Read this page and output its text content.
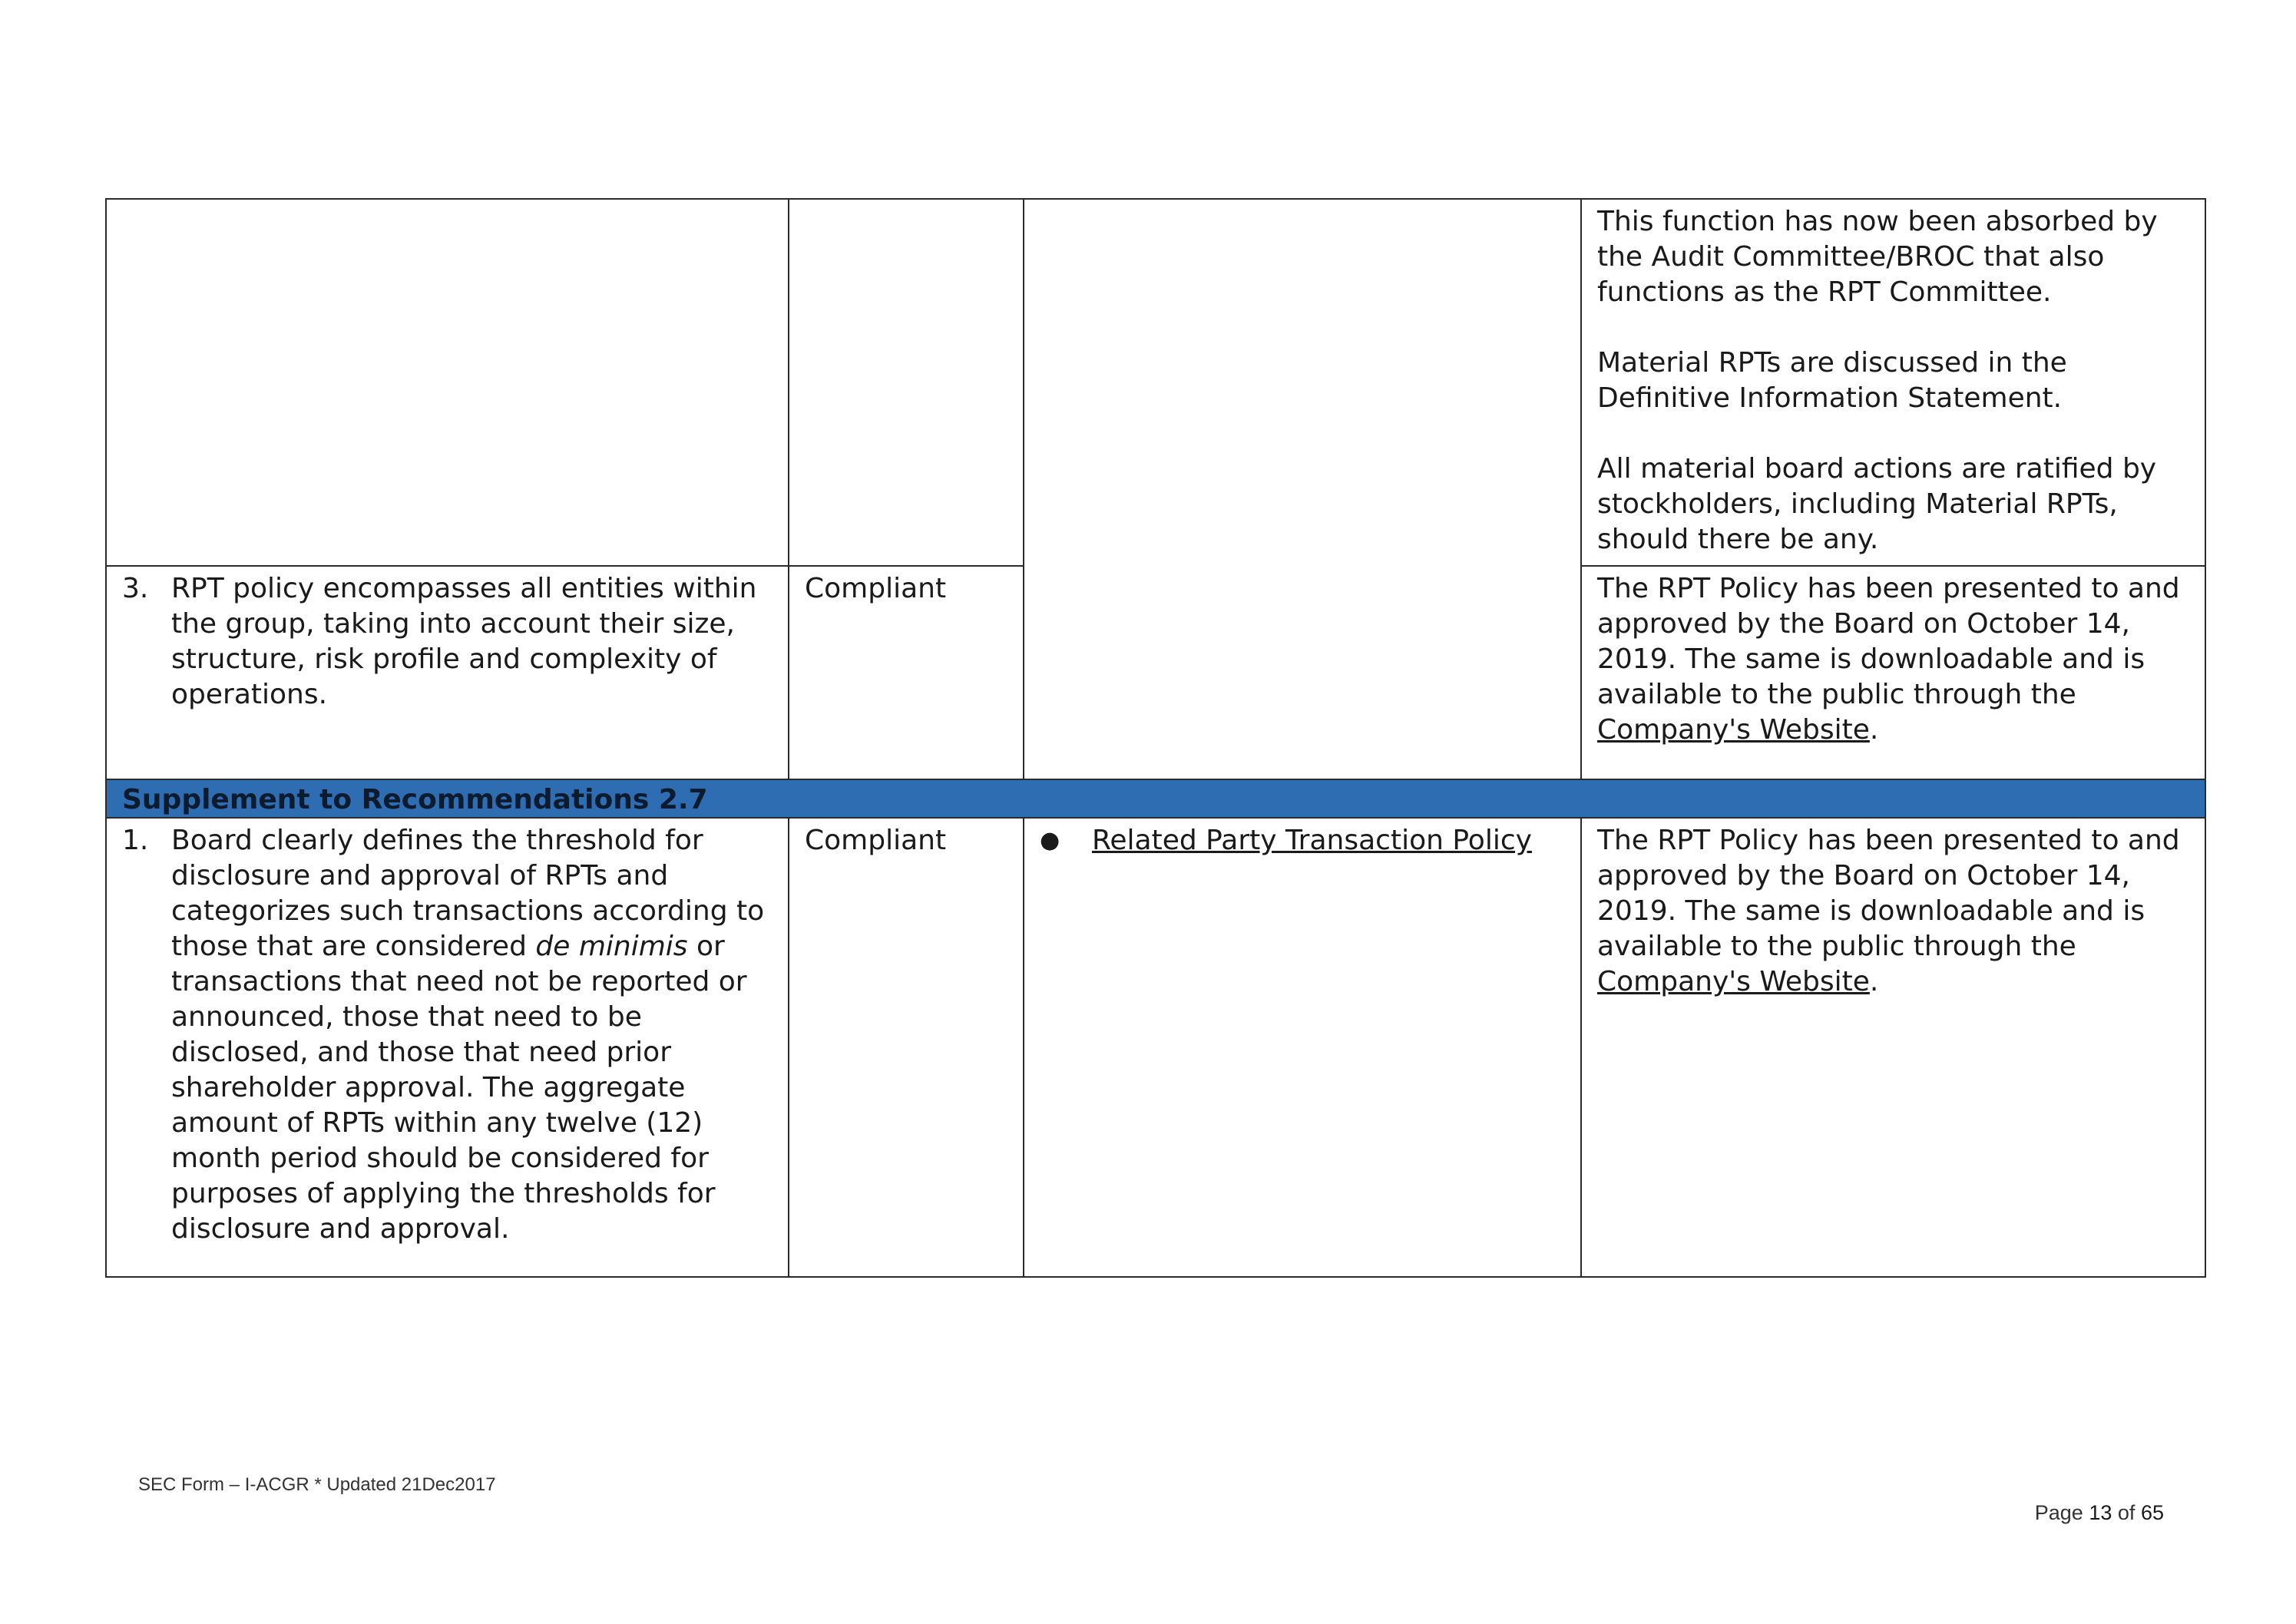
			This function has now been absorbed by the Audit Committee/BROC that also functions as the RPT Committee.

Material RPTs are discussed in the Definitive Information Statement.

All material board actions are ratified by stockholders, including Material RPTs, should there be any.

3. RPT policy encompasses all entities within the group, taking into account their size, structure, risk profile and complexity of operations.	Compliant		The RPT Policy has been presented to and approved by the Board on October 14, 2019. The same is downloadable and is available to the public through the Company's Website.
Supplement to Recommendations 2.7			

1. Board clearly defines the threshold for disclosure and approval of RPTs and categorizes such transactions according to those that are considered de minimis or transactions that need not be reported or announced, those that need to be disclosed, and those that need prior shareholder approval. The aggregate amount of RPTs within any twelve (12) month period should be considered for purposes of applying the thresholds for disclosure and approval.	Compliant	● Related Party Transaction Policy	The RPT Policy has been presented to and approved by the Board on October 14, 2019. The same is downloadable and is available to the public through the Company's Website.
SEC Form – I-ACGR * Updated 21Dec2017
Page 13 of 65
